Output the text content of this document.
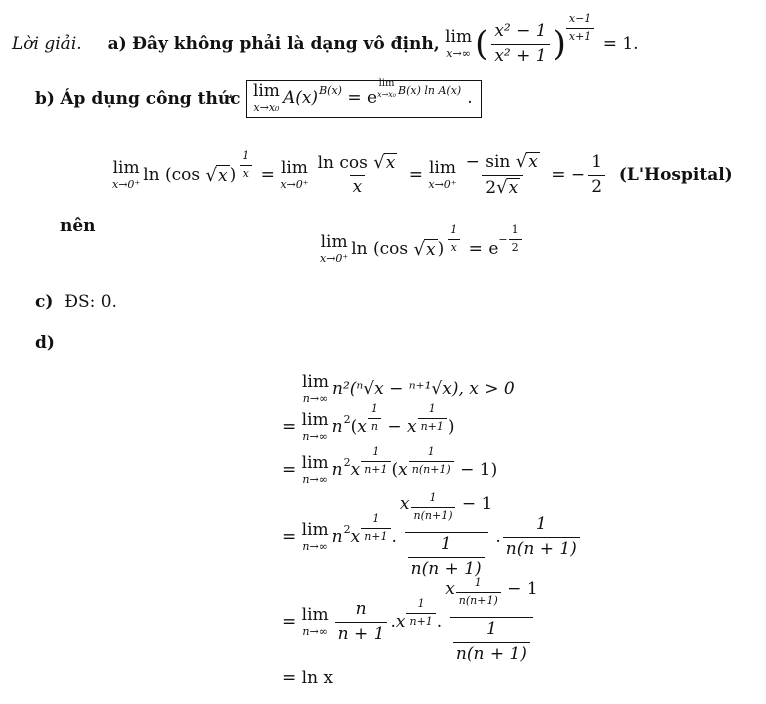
Lời giải. a)
Đây không phải là dạng vô định,
lim
x→∞ ( $\frac{\text{x² − 1}}{\text{x² + 1}}$ ) $\frac{x-1}{x+1}$

= 1.
b)
Áp dụng công thức
lim
x→x₀ A(x) B(x)
= e
lim
x→x₀ B(x) ln A(x) .
lim
x→0⁺ ln (cos
√ x ) $\frac{1}{x} = \lim$
$x\to 0^+ \frac{\text{ln cos √ x}}{x} = \lim$
$x\to 0^+ \frac{- \sin √ x}{2 √ x}$
= − $\frac{1}{2}$
(L'Hospital)
nên
lim
x→0⁺ ln (cos
√ x ) $\frac{1}{x}$
= $e - \frac{1}{2}$
c) ĐS: 0.
d)
lim
n→∞ n²(ⁿ√x − ⁿ⁺¹√x), x > 0
=
lim
n→∞ n 2 ( x $\frac{1}{n} - x \frac{1}{n+1}$ )
=
lim
n→∞ n 2 x $\frac{1}{n+1}$ ( x $\frac{1}{n(n+1)} - 1$)
=
lim
n→∞ n 2 x $\frac{1}{n+1}$ . $\frac{x \frac{1}{n(n+1)} - 1}{\frac{1}{n(n + 1)}}$ . $\frac{1}{n(n + 1)}$
=
lim
$n\to\infty \frac{n}{n + 1}$ . x $\frac{1}{n+1}$ . $\frac{x \frac{1}{n(n+1)} - 1}{\frac{1}{n(n + 1)}}$
= ln x
